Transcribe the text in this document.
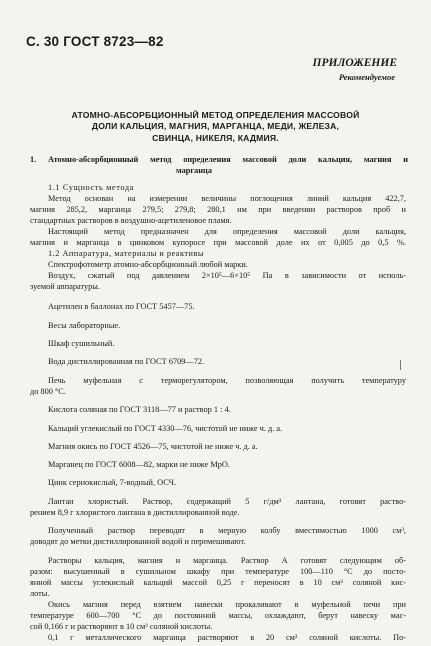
С. 30 ГОСТ 8723—82
ПРИЛОЖЕНИЕ
Рекомендуемое
АТОМНО-АБСОРБЦИОННЫЙ МЕТОД ОПРЕДЕЛЕНИЯ МАССОВОЙ
ДОЛИ КАЛЬЦИЯ, МАГНИЯ, МАРГАНЦА, МЕДИ, ЖЕЛЕЗА,
СВИНЦА, НИКЕЛЯ, КАДМИЯ.
1. Атомно-абсорбционный метод определения массовой доли кальция, магния и
марганца
1.1 Сущность метода
Метод основан на измерении величины поглощения линий кальция 422,7,
магния 285,2, марганца 279,5; 279,8; 280,1 нм при введении растворов проб и
стандартных растворов в воздушно-ацетиленовое пламя.
Настоящий метод предназначен для определения массовой доли кальция,
магния и марганца в цинковом купоросе при массовой доле их от 0,005 до 0,5 %.
1.2 Аппаратура, материалы и реактивы
Спектрофотометр атомно-абсорбционный любой марки.
Воздух, сжатый под давлением 2×10⁵—6×10⁵ Па в зависимости от исполь-
зуемой аппаратуры.
Ацетилен в баллонах по ГОСТ 5457—75.
Весы лабораторные.
Шкаф сушильный.
Вода дистиллированная по ГОСТ 6709—72.
Печь муфельная с терморегулятором, позволяющая получить температуру
до 800 °С.
Кислота соляная по ГОСТ 3118—77 и раствор 1 : 4.
Кальций углекислый по ГОСТ 4330—76, чистотой не ниже ч. д. а.
Магния окись по ГОСТ 4526—75, чистотой не ниже ч. д. а.
Марганец по ГОСТ 6008—82, марки не ниже МрО.
Цинк сернокислый, 7-водный, ОСЧ.
Лантан хлористый. Раствор, содержащий 5 г/дм³ лантана, готовят раство-
рением 8,9 г хлористого лантана в дистиллированной воде.
Полученный раствор переводят в мерную колбу вместимостью 1000 см³,
доводят до метки дистиллированной водой и перемешивают.
Растворы кальция, магния и марганца. Раствор А готовят следующим об-
разом: высушенный в сушильном шкафу при температуре 100—110 °С до посто-
янной массы углекислый кальций массой 0,25 г переносят в 10 см³ соляной кис-
лоты.
Окись магния перед взятием навески прокаливают в муфельной печи при
температуре 600—700 °С до постоянной массы, охлаждают, берут навеску мас-
сой 0,166 г и растворяют в 10 см³ соляной кислоты.
0,1 г металлического марганца растворяют в 20 см³ соляной кислоты. По-
